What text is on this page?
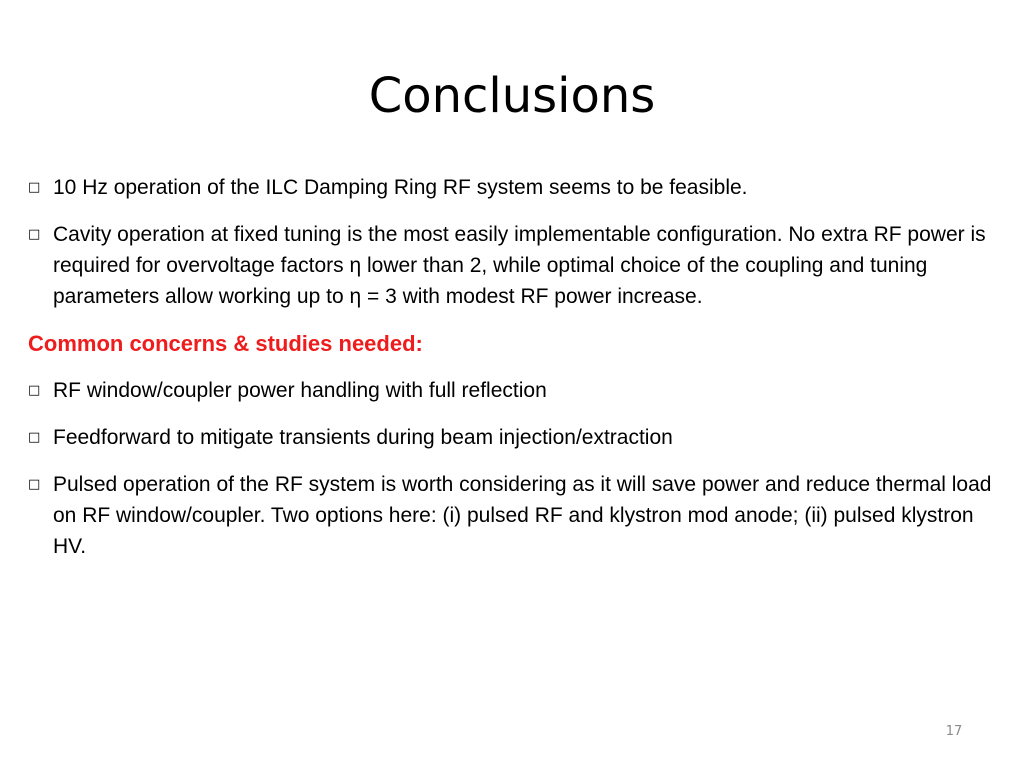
Conclusions
□ 10 Hz operation of the ILC Damping Ring RF system seems to be feasible.
□ Cavity operation at fixed tuning is the most easily implementable configuration. No extra RF power is required for overvoltage factors η lower than 2, while optimal choice of the coupling and tuning parameters allow working up to η = 3 with modest RF power increase.
Common concerns & studies needed:
□ RF window/coupler power handling with full reflection
□ Feedforward to mitigate transients during beam injection/extraction
□ Pulsed operation of the RF system is worth considering as it will save power and reduce thermal load on RF window/coupler. Two options here: (i) pulsed RF and klystron mod anode; (ii) pulsed klystron HV.
17
